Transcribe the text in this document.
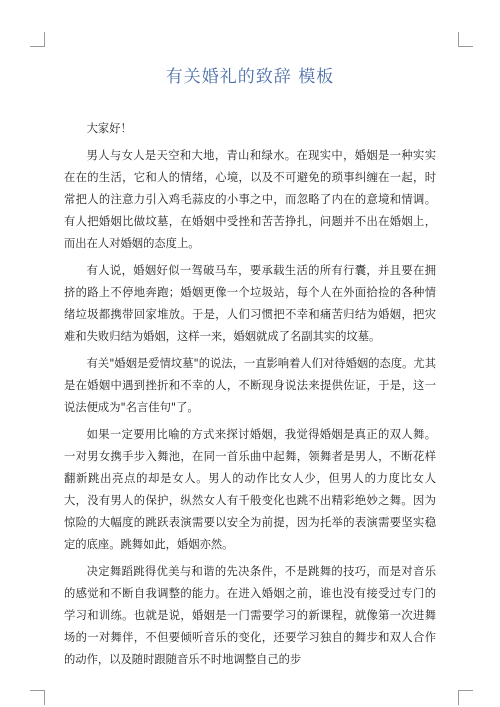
有关婚礼的致辞 模板

大家好！

男人与女人是天空和大地，青山和绿水。在现实中，婚姻是一种实实在在的生活，它和人的情绪，心境，以及不可避免的琐事纠缠在一起，时常把人的注意力引入鸡毛蒜皮的小事之中，而忽略了内在的意境和情调。有人把婚姻比做坟墓，在婚姻中受挫和苦苦挣扎，问题并不出在婚姻上，而出在人对婚姻的态度上。

有人说，婚姻好似一驾破马车，要承载生活的所有行囊，并且要在拥挤的路上不停地奔跑；婚姻更像一个垃圾站，每个人在外面拾捡的各种情绪垃圾都携带回家堆放。于是，人们习惯把不幸和痛苦归结为婚姻，把灾难和失败归结为婚姻，这样一来，婚姻就成了名副其实的坟墓。

有关"婚姻是爱情坟墓"的说法，一直影响着人们对待婚姻的态度。尤其是在婚姻中遇到挫折和不幸的人，不断现身说法来提供佐证，于是，这一说法便成为"名言佳句"了。

如果一定要用比喻的方式来探讨婚姻，我觉得婚姻是真正的双人舞。一对男女携手步入舞池，在同一首乐曲中起舞，领舞者是男人，不断花样翻新跳出亮点的却是女人。男人的动作比女人少，但男人的力度比女人大，没有男人的保护，纵然女人有千般变化也跳不出精彩绝妙之舞。因为惊险的大幅度的跳跃表演需要以安全为前提，因为托举的表演需要坚实稳定的底座。跳舞如此，婚姻亦然。

决定舞蹈跳得优美与和谐的先决条件，不是跳舞的技巧，而是对音乐的感觉和不断自我调整的能力。在进入婚姻之前，谁也没有接受过专门的学习和训练。也就是说，婚姻是一门需要学习的新课程，就像第一次进舞场的一对舞伴，不但要倾听音乐的变化，还要学习独自的舞步和双人合作的动作，以及随时跟随音乐不时地调整自己的步
